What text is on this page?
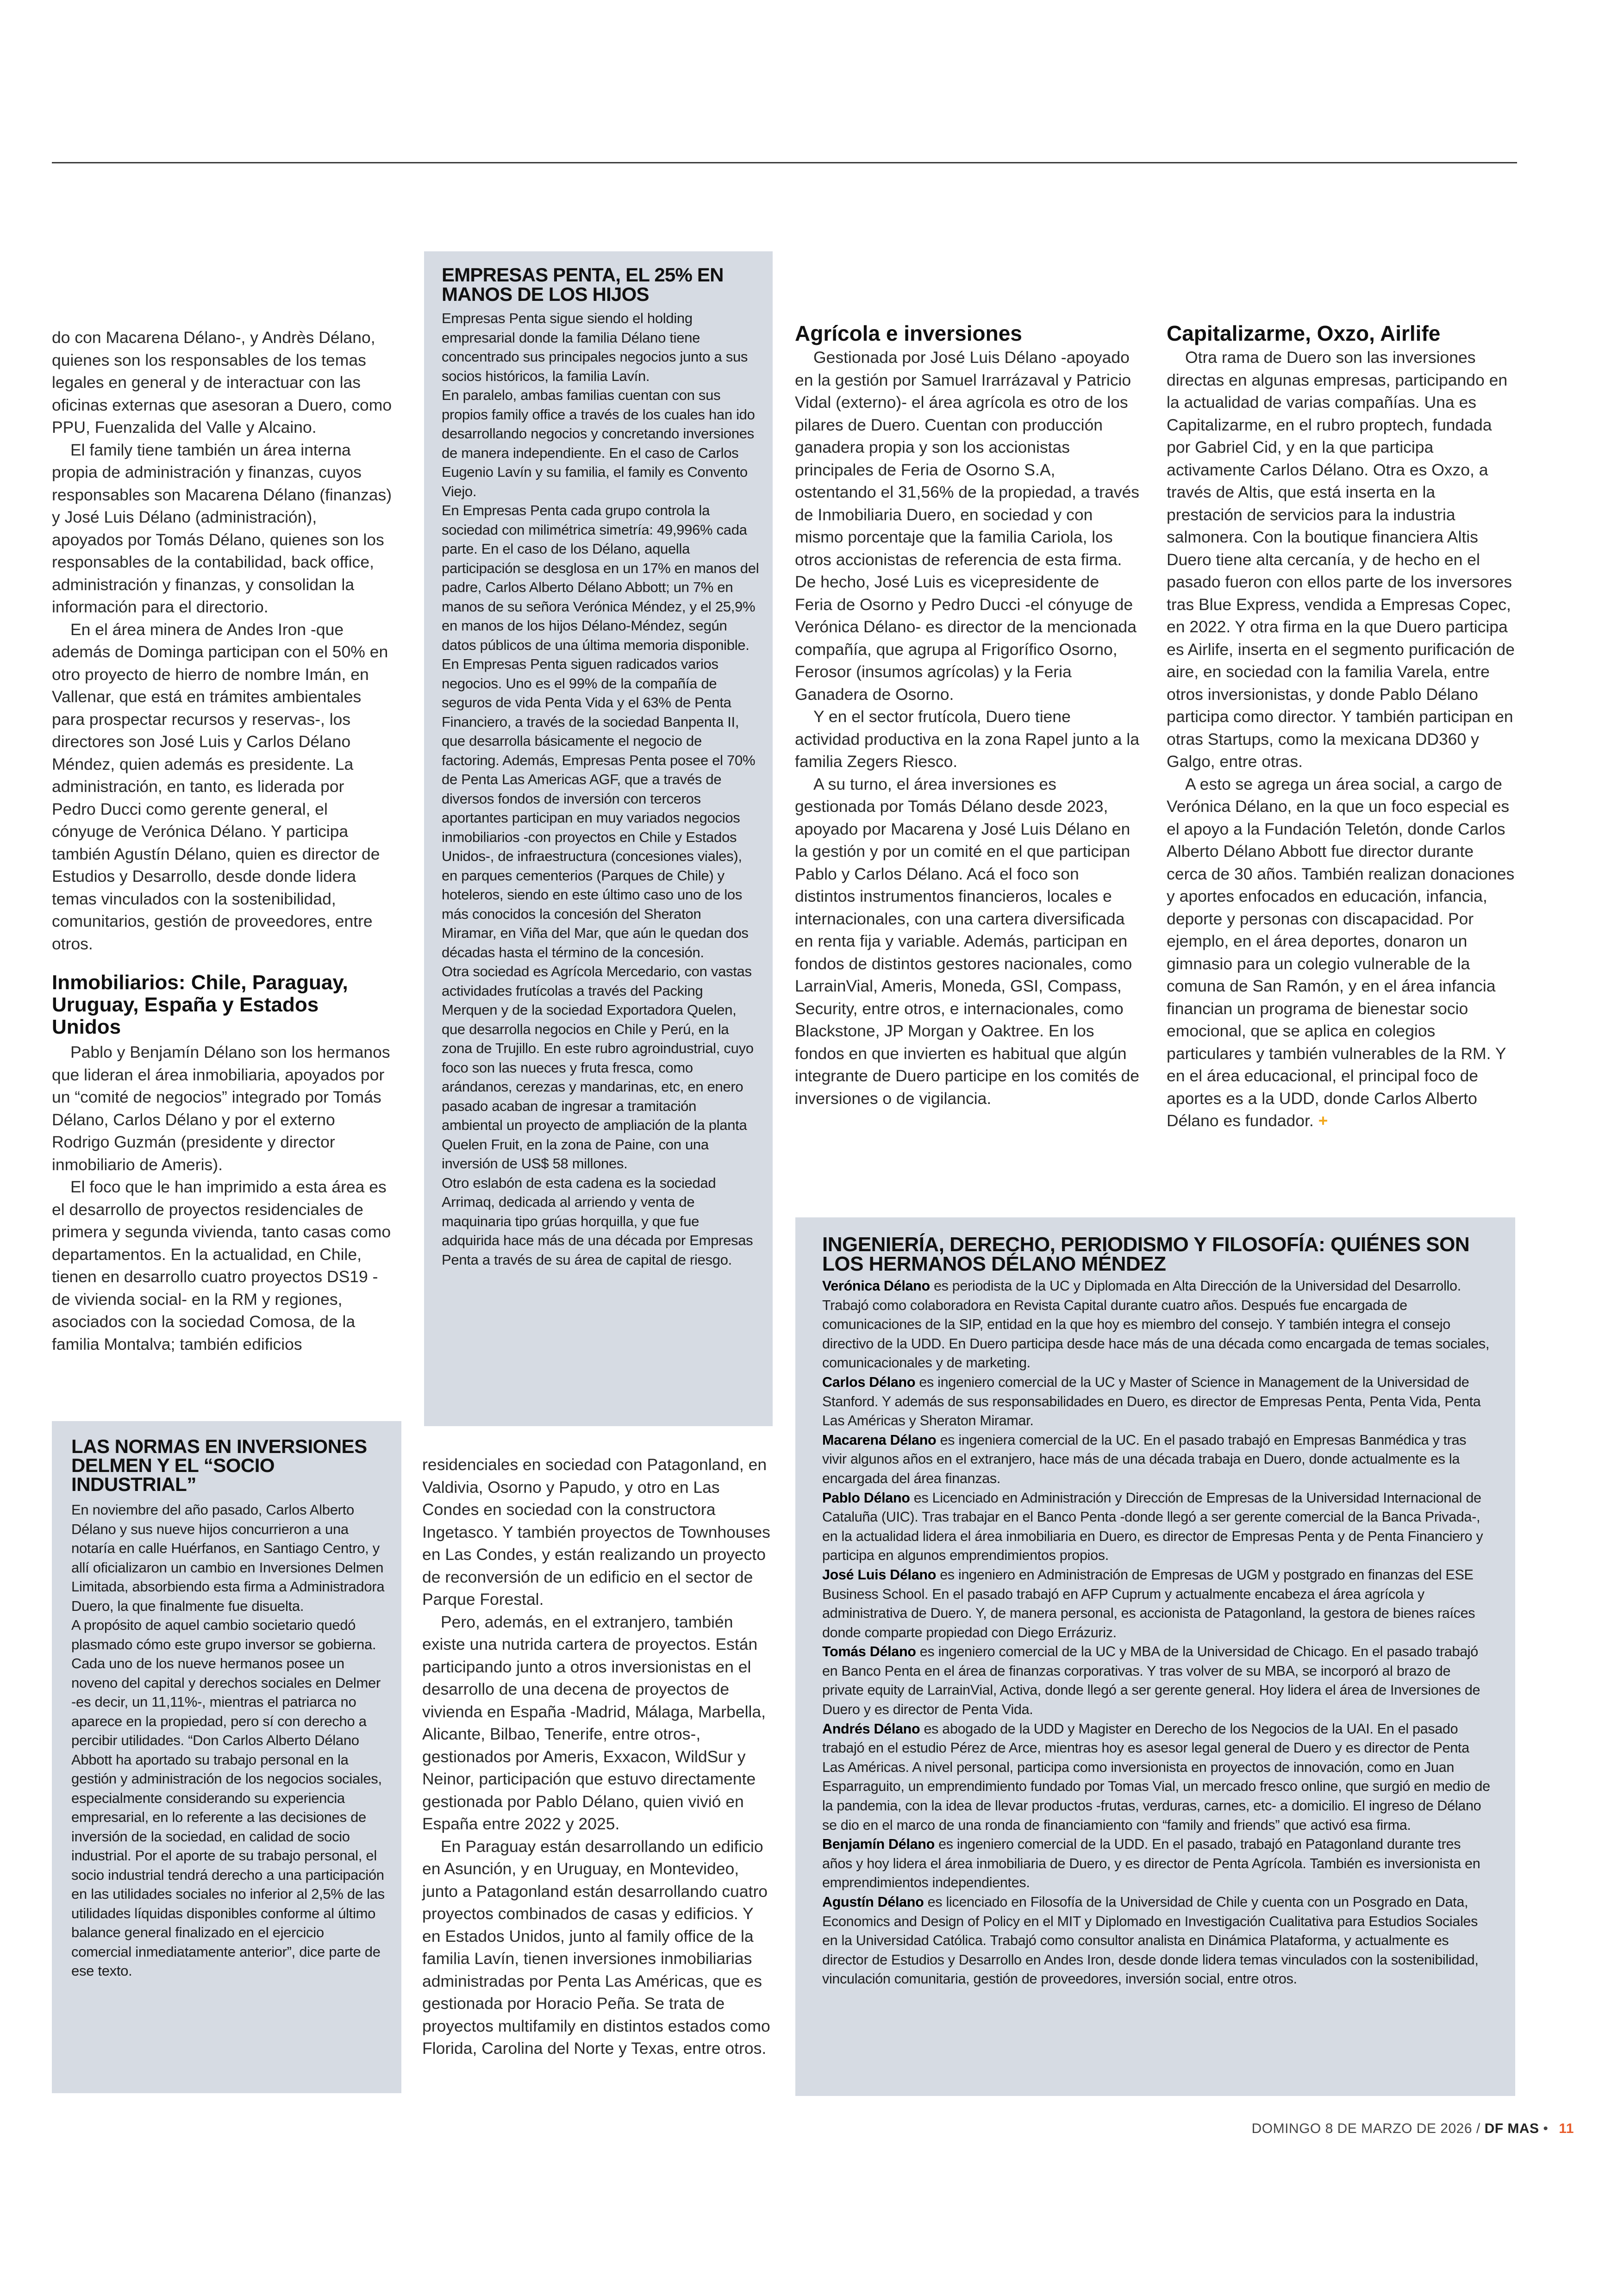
do con Macarena Délano-, y Andrès Délano, quienes son los responsables de los temas legales en general y de interactuar con las oficinas externas que asesoran a Duero, como PPU, Fuenzalida del Valle y Alcaino.

El family tiene también un área interna propia de administración y finanzas, cuyos responsables son Macarena Délano (finanzas) y José Luis Délano (administración), apoyados por Tomás Délano, quienes son los responsables de la contabilidad, back office, administración y finanzas, y consolidan la información para el directorio.

En el área minera de Andes Iron -que además de Dominga participan con el 50% en otro proyecto de hierro de nombre Imán, en Vallenar, que está en trámites ambientales para prospectar recursos y reservas-, los directores son José Luis y Carlos Délano Méndez, quien además es presidente. La administración, en tanto, es liderada por Pedro Ducci como gerente general, el cónyuge de Verónica Délano. Y participa también Agustín Délano, quien es director de Estudios y Desarrollo, desde donde lidera temas vinculados con la sostenibilidad, comunitarios, gestión de proveedores, entre otros.

Inmobiliarios: Chile, Paraguay, Uruguay, España y Estados Unidos

Pablo y Benjamín Délano son los hermanos que lideran el área inmobiliaria, apoyados por un “comité de negocios” integrado por Tomás Délano, Carlos Délano y por el externo Rodrigo Guzmán (presidente y director inmobiliario de Ameris).

El foco que le han imprimido a esta área es el desarrollo de proyectos residenciales de primera y segunda vivienda, tanto casas como departamentos. En la actualidad, en Chile, tienen en desarrollo cuatro proyectos DS19 -de vivienda social- en la RM y regiones, asociados con la sociedad Comosa, de la familia Montalva; también edificios

EMPRESAS PENTA, EL 25% EN MANOS DE LOS HIJOS

Empresas Penta sigue siendo el holding empresarial donde la familia Délano tiene concentrado sus principales negocios junto a sus socios históricos, la familia Lavín.

En paralelo, ambas familias cuentan con sus propios family office a través de los cuales han ido desarrollando negocios y concretando inversiones de manera independiente. En el caso de Carlos Eugenio Lavín y su familia, el family es Convento Viejo.

En Empresas Penta cada grupo controla la sociedad con milimétrica simetría: 49,996% cada parte. En el caso de los Délano, aquella participación se desglosa en un 17% en manos del padre, Carlos Alberto Délano Abbott; un 7% en manos de su señora Verónica Méndez, y el 25,9% en manos de los hijos Délano-Méndez, según datos públicos de una última memoria disponible.

En Empresas Penta siguen radicados varios negocios. Uno es el 99% de la compañía de seguros de vida Penta Vida y el 63% de Penta Financiero, a través de la sociedad Banpenta II, que desarrolla básicamente el negocio de factoring. Además, Empresas Penta posee el 70% de Penta Las Americas AGF, que a través de diversos fondos de inversión con terceros aportantes participan en muy variados negocios inmobiliarios -con proyectos en Chile y Estados Unidos-, de infraestructura (concesiones viales), en parques cementerios (Parques de Chile) y hoteleros, siendo en este último caso uno de los más conocidos la concesión del Sheraton Miramar, en Viña del Mar, que aún le quedan dos décadas hasta el término de la concesión.

Otra sociedad es Agrícola Mercedario, con vastas actividades frutícolas a través del Packing Merquen y de la sociedad Exportadora Quelen, que desarrolla negocios en Chile y Perú, en la zona de Trujillo. En este rubro agroindustrial, cuyo foco son las nueces y fruta fresca, como arándanos, cerezas y mandarinas, etc, en enero pasado acaban de ingresar a tramitación ambiental un proyecto de ampliación de la planta Quelen Fruit, en la zona de Paine, con una inversión de US$ 58 millones.

Otro eslabón de esta cadena es la sociedad Arrimaq, dedicada al arriendo y venta de maquinaria tipo grúas horquilla, y que fue adquirida hace más de una década por Empresas Penta a través de su área de capital de riesgo.

LAS NORMAS EN INVERSIONES DELMEN Y EL “SOCIO INDUSTRIAL”

En noviembre del año pasado, Carlos Alberto Délano y sus nueve hijos concurrieron a una notaría en calle Huérfanos, en Santiago Centro, y allí oficializaron un cambio en Inversiones Delmen Limitada, absorbiendo esta firma a Administradora Duero, la que finalmente fue disuelta.

A propósito de aquel cambio societario quedó plasmado cómo este grupo inversor se gobierna. Cada uno de los nueve hermanos posee un noveno del capital y derechos sociales en Delmer -es decir, un 11,11%-, mientras el patriarca no aparece en la propiedad, pero sí con derecho a percibir utilidades. “Don Carlos Alberto Délano Abbott ha aportado su trabajo personal en la gestión y administración de los negocios sociales, especialmente considerando su experiencia empresarial, en lo referente a las decisiones de inversión de la sociedad, en calidad de socio industrial. Por el aporte de su trabajo personal, el socio industrial tendrá derecho a una participación en las utilidades sociales no inferior al 2,5% de las utilidades líquidas disponibles conforme al último balance general finalizado en el ejercicio comercial inmediatamente anterior”, dice parte de ese texto.

residenciales en sociedad con Patagonland, en Valdivia, Osorno y Papudo, y otro en Las Condes en sociedad con la constructora Ingetasco. Y también proyectos de Townhouses en Las Condes, y están realizando un proyecto de reconversión de un edificio en el sector de Parque Forestal.

Pero, además, en el extranjero, también existe una nutrida cartera de proyectos. Están participando junto a otros inversionistas en el desarrollo de una decena de proyectos de vivienda en España -Madrid, Málaga, Marbella, Alicante, Bilbao, Tenerife, entre otros-, gestionados por Ameris, Exxacon, WildSur y Neinor, participación que estuvo directamente gestionada por Pablo Délano, quien vivió en España entre 2022 y 2025.

En Paraguay están desarrollando un edificio en Asunción, y en Uruguay, en Montevideo, junto a Patagonland están desarrollando cuatro proyectos combinados de casas y edificios. Y en Estados Unidos, junto al family office de la familia Lavín, tienen inversiones inmobiliarias administradas por Penta Las Américas, que es gestionada por Horacio Peña. Se trata de proyectos multifamily en distintos estados como Florida, Carolina del Norte y Texas, entre otros.

Agrícola e inversiones

Gestionada por José Luis Délano -apoyado en la gestión por Samuel Irarrázaval y Patricio Vidal (externo)- el área agrícola es otro de los pilares de Duero. Cuentan con producción ganadera propia y son los accionistas principales de Feria de Osorno S.A, ostentando el 31,56% de la propiedad, a través de Inmobiliaria Duero, en sociedad y con mismo porcentaje que la familia Cariola, los otros accionistas de referencia de esta firma. De hecho, José Luis es vicepresidente de Feria de Osorno y Pedro Ducci -el cónyuge de Verónica Délano- es director de la mencionada compañía, que agrupa al Frigorífico Osorno, Ferosor (insumos agrícolas) y la Feria Ganadera de Osorno.

Y en el sector frutícola, Duero tiene actividad productiva en la zona Rapel junto a la familia Zegers Riesco.

A su turno, el área inversiones es gestionada por Tomás Délano desde 2023, apoyado por Macarena y José Luis Délano en la gestión y por un comité en el que participan Pablo y Carlos Délano. Acá el foco son distintos instrumentos financieros, locales e internacionales, con una cartera diversificada en renta fija y variable. Además, participan en fondos de distintos gestores nacionales, como LarrainVial, Ameris, Moneda, GSI, Compass, Security, entre otros, e internacionales, como Blackstone, JP Morgan y Oaktree. En los fondos en que invierten es habitual que algún integrante de Duero participe en los comités de inversiones o de vigilancia.

Capitalizarme, Oxzo, Airlife

Otra rama de Duero son las inversiones directas en algunas empresas, participando en la actualidad de varias compañías. Una es Capitalizarme, en el rubro proptech, fundada por Gabriel Cid, y en la que participa activamente Carlos Délano. Otra es Oxzo, a través de Altis, que está inserta en la prestación de servicios para la industria salmonera. Con la boutique financiera Altis Duero tiene alta cercanía, y de hecho en el pasado fueron con ellos parte de los inversores tras Blue Express, vendida a Empresas Copec, en 2022. Y otra firma en la que Duero participa es Airlife, inserta en el segmento purificación de aire, en sociedad con la familia Varela, entre otros inversionistas, y donde Pablo Délano participa como director. Y también participan en otras Startups, como la mexicana DD360 y Galgo, entre otras.

A esto se agrega un área social, a cargo de Verónica Délano, en la que un foco especial es el apoyo a la Fundación Teletón, donde Carlos Alberto Délano Abbott fue director durante cerca de 30 años. También realizan donaciones y aportes enfocados en educación, infancia, deporte y personas con discapacidad. Por ejemplo, en el área deportes, donaron un gimnasio para un colegio vulnerable de la comuna de San Ramón, y en el área infancia financian un programa de bienestar socio emocional, que se aplica en colegios particulares y también vulnerables de la RM. Y en el área educacional, el principal foco de aportes es a la UDD, donde Carlos Alberto Délano es fundador. +

INGENIERÍA, DERECHO, PERIODISMO Y FILOSOFÍA: QUIÉNES SON LOS HERMANOS DÉLANO MÉNDEZ

Verónica Délano es periodista de la UC y Diplomada en Alta Dirección de la Universidad del Desarrollo. Trabajó como colaboradora en Revista Capital durante cuatro años. Después fue encargada de comunicaciones de la SIP, entidad en la que hoy es miembro del consejo. Y también integra el consejo directivo de la UDD. En Duero participa desde hace más de una década como encargada de temas sociales, comunicacionales y de marketing.

Carlos Délano es ingeniero comercial de la UC y Master of Science in Management de la Universidad de Stanford. Y además de sus responsabilidades en Duero, es director de Empresas Penta, Penta Vida, Penta Las Américas y Sheraton Miramar.

Macarena Délano es ingeniera comercial de la UC. En el pasado trabajó en Empresas Banmédica y tras vivir algunos años en el extranjero, hace más de una década trabaja en Duero, donde actualmente es la encargada del área finanzas.

Pablo Délano es Licenciado en Administración y Dirección de Empresas de la Universidad Internacional de Cataluña (UIC). Tras trabajar en el Banco Penta -donde llegó a ser gerente comercial de la Banca Privada-, en la actualidad lidera el área inmobiliaria en Duero, es director de Empresas Penta y de Penta Financiero y participa en algunos emprendimientos propios.

José Luis Délano es ingeniero en Administración de Empresas de UGM y postgrado en finanzas del ESE Business School. En el pasado trabajó en AFP Cuprum y actualmente encabeza el área agrícola y administrativa de Duero. Y, de manera personal, es accionista de Patagonland, la gestora de bienes raíces donde comparte propiedad con Diego Errázuriz.

Tomás Délano es ingeniero comercial de la UC y MBA de la Universidad de Chicago. En el pasado trabajó en Banco Penta en el área de finanzas corporativas. Y tras volver de su MBA, se incorporó al brazo de private equity de LarrainVial, Activa, donde llegó a ser gerente general. Hoy lidera el área de Inversiones de Duero y es director de Penta Vida.

Andrés Délano es abogado de la UDD y Magister en Derecho de los Negocios de la UAI. En el pasado trabajó en el estudio Pérez de Arce, mientras hoy es asesor legal general de Duero y es director de Penta Las Américas. A nivel personal, participa como inversionista en proyectos de innovación, como en Juan Esparraguito, un emprendimiento fundado por Tomas Vial, un mercado fresco online, que surgió en medio de la pandemia, con la idea de llevar productos -frutas, verduras, carnes, etc- a domicilio. El ingreso de Délano se dio en el marco de una ronda de financiamiento con “family and friends” que activó esa firma.

Benjamín Délano es ingeniero comercial de la UDD. En el pasado, trabajó en Patagonland durante tres años y hoy lidera el área inmobiliaria de Duero, y es director de Penta Agrícola. También es inversionista en emprendimientos independientes.

Agustín Délano es licenciado en Filosofía de la Universidad de Chile y cuenta con un Posgrado en Data, Economics and Design of Policy en el MIT y Diplomado en Investigación Cualitativa para Estudios Sociales en la Universidad Católica. Trabajó como consultor analista en Dinámica Plataforma, y actualmente es director de Estudios y Desarrollo en Andes Iron, desde donde lidera temas vinculados con la sostenibilidad, vinculación comunitaria, gestión de proveedores, inversión social, entre otros.

DOMINGO 8 DE MARZO DE 2026 / DF MAS • 11
